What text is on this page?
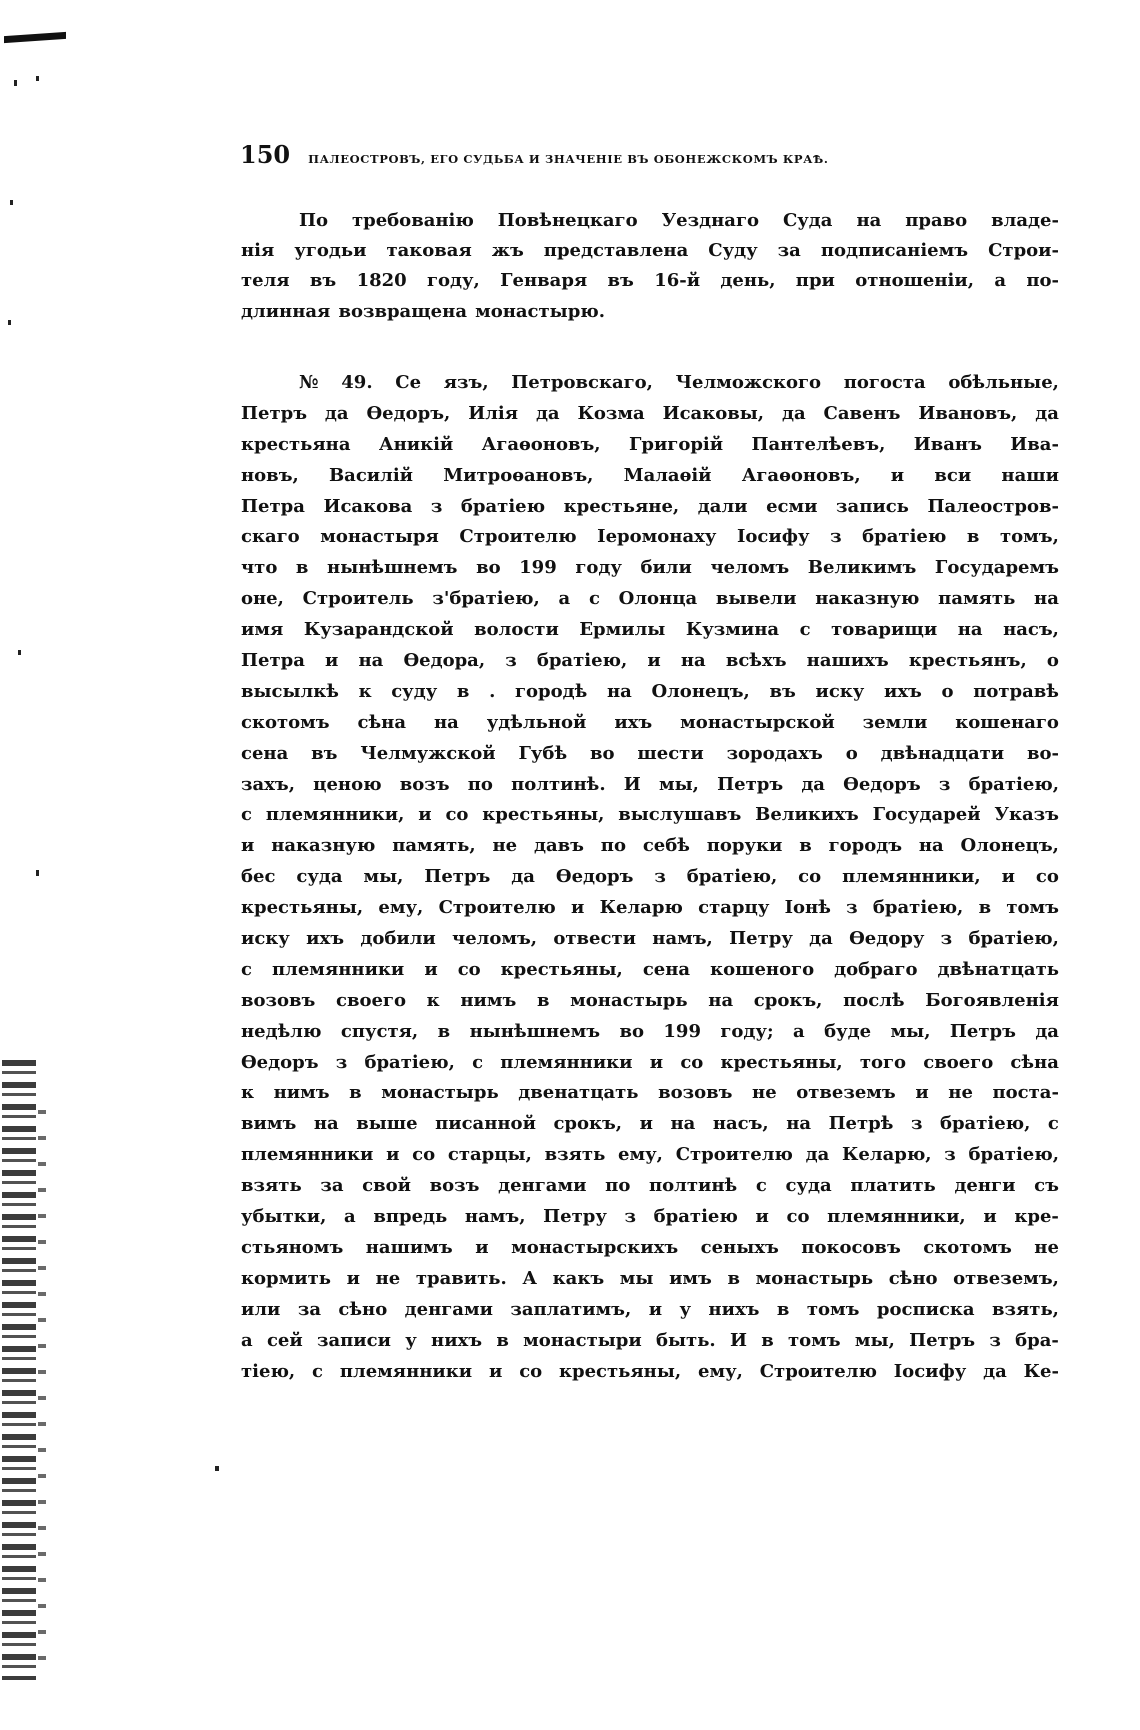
150 ПАЛЕОСТРОВЪ, ЕГО СУДЬБА И ЗНАЧЕНІЕ ВЪ ОБОНЕЖСКОМЪ КРАѢ.
По требованію Повѣнецкаго Уезднаго Суда на право владе-
нія угодьи таковая жъ представлена Суду за подписаніемъ Строи-
теля въ 1820 году, Генваря въ 16-й день, при отношеніи, а по-
длинная возвращена монастырю.
№ 49. Се язъ, Петровскаго, Челможского погоста обѣльные,
Петръ да Ѳедоръ, Илія да Козма Исаковы, да Савенъ Ивановъ, да
крестьяна Аникій Агаѳоновъ, Григорій Пантелѣевъ, Иванъ Ива-
новъ, Василій Митроѳановъ, Малаѳій Агаѳоновъ, и вси наши
Петра Исакова з братіею крестьяне, дали есми запись Палеостров-
скаго монастыря Строителю Іеромонаху Іосифу з братіею в томъ,
что в нынѣшнемъ во 199 году били челомъ Великимъ Государемъ
оне, Строитель з'братіею, а с Олонца вывели наказную память на
имя Кузарандской волости Ермилы Кузмина с товарищи на насъ,
Петра и на Ѳедора, з братіею, и на всѣхъ нашихъ крестьянъ, о
высылкѣ к суду в . городѣ на Олонецъ, въ иску ихъ о потравѣ
скотомъ сѣна на удѣльной ихъ монастырской земли кошенаго
сена въ Челмужской Губѣ во шести зородахъ о двѣнадцати во-
захъ, ценою возъ по полтинѣ. И мы, Петръ да Ѳедоръ з братіею,
с племянники, и со крестьяны, выслушавъ Великихъ Государей Указъ
и наказную память, не давъ по себѣ поруки в городъ на Олонецъ,
бес суда мы, Петръ да Ѳедоръ з братіею, со племянники, и со
крестьяны, ему, Строителю и Келарю старцу Іонѣ з братіею, в томъ
иску ихъ добили челомъ, отвести намъ, Петру да Ѳедору з братіею,
с племянники и со крестьяны, сена кошеного добраго двѣнатцать
возовъ своего к нимъ в монастырь на срокъ, послѣ Богоявленія
недѣлю спустя, в нынѣшнемъ во 199 году; а буде мы, Петръ да
Ѳедоръ з братіею, с племянники и со крестьяны, того своего сѣна
к нимъ в монастырь двенатцать возовъ не отвеземъ и не поста-
вимъ на выше писанной срокъ, и на насъ, на Петрѣ з братіею, с
племянники и со старцы, взять ему, Строителю да Келарю, з братіею,
взять за свой возъ денгами по полтинѣ с суда платить денги съ
убытки, а впредь намъ, Петру з братіею и со племянники, и кре-
стьяномъ нашимъ и монастырскихъ сеныхъ покосовъ скотомъ не
кормить и не травить. А какъ мы имъ в монастырь сѣно отвеземъ,
или за сѣно денгами заплатимъ, и у нихъ в томъ росписка взять,
а сей записи у нихъ в монастыри быть. И в томъ мы, Петръ з бра-
тіею, с племянники и со крестьяны, ему, Строителю Іосифу да Ке-
